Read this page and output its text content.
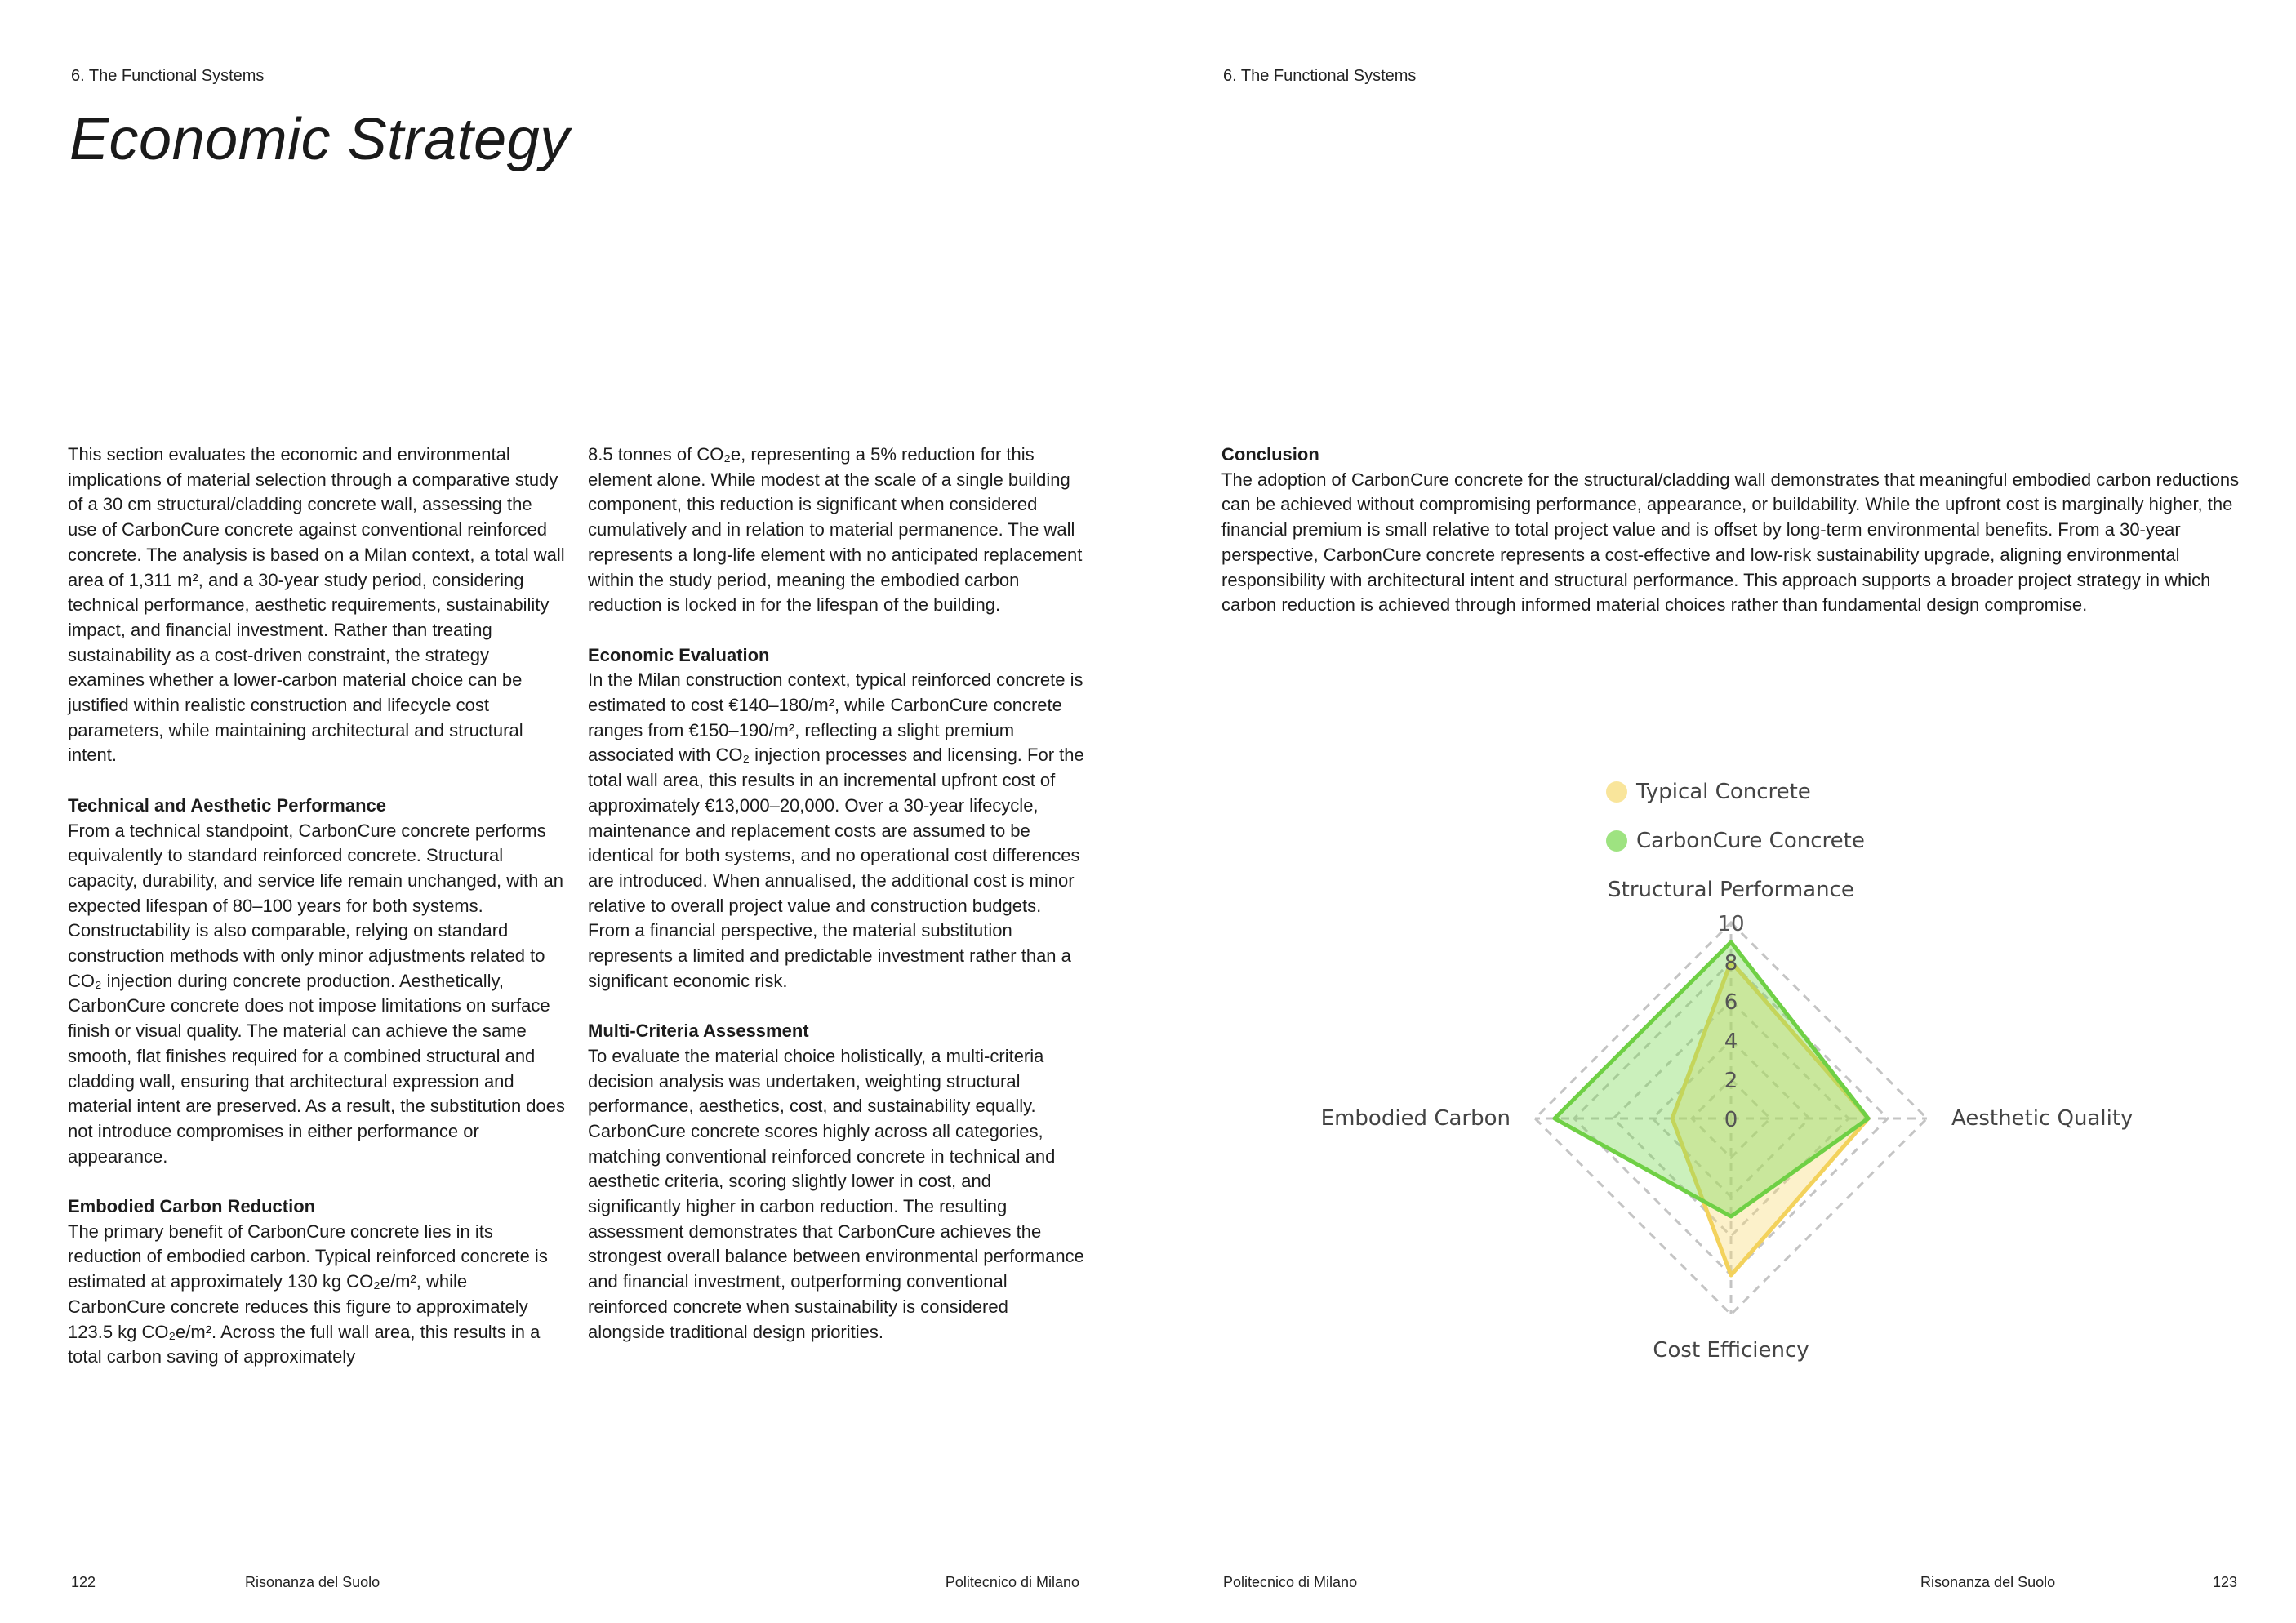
6. The Functional Systems
Economic Strategy

This section evaluates the economic and environmental implications of material selection through a comparative study of a 30 cm structural/cladding concrete wall, assessing the use of CarbonCure concrete against conventional reinforced concrete. The analysis is based on a Milan context, a total wall area of 1,311 m², and a 30-year study period, considering technical performance, aesthetic requirements, sustainability impact, and financial investment. Rather than treating sustainability as a cost-driven constraint, the strategy examines whether a lower-carbon material choice can be justified within realistic construction and lifecycle cost parameters, while maintaining architectural and structural intent.

Technical and Aesthetic Performance

From a technical standpoint, CarbonCure concrete performs equivalently to standard reinforced concrete. Structural capacity, durability, and service life remain unchanged, with an expected lifespan of 80–100 years for both systems. Constructability is also comparable, relying on standard construction methods with only minor adjustments related to CO₂ injection during concrete production. Aesthetically, CarbonCure concrete does not impose limitations on surface finish or visual quality. The material can achieve the same smooth, flat finishes required for a combined structural and cladding wall, ensuring that architectural expression and material intent are preserved. As a result, the substitution does not introduce compromises in either performance or appearance.

Embodied Carbon Reduction

The primary benefit of CarbonCure concrete lies in its reduction of embodied carbon. Typical reinforced concrete is estimated at approximately 130 kg CO₂e/m², while CarbonCure concrete reduces this figure to approximately 123.5 kg CO₂e/m². Across the full wall area, this results in a total carbon saving of approximately

8.5 tonnes of CO₂e, representing a 5% reduction for this element alone. While modest at the scale of a single building component, this reduction is significant when considered cumulatively and in relation to material permanence. The wall represents a long-life element with no anticipated replacement within the study period, meaning the embodied carbon reduction is locked in for the lifespan of the building.

Economic Evaluation

In the Milan construction context, typical reinforced concrete is estimated to cost €140–180/m², while CarbonCure concrete ranges from €150–190/m², reflecting a slight premium associated with CO₂ injection processes and licensing. For the total wall area, this results in an incremental upfront cost of approximately €13,000–20,000. Over a 30-year lifecycle, maintenance and replacement costs are assumed to be identical for both systems, and no operational cost differences are introduced. When annualised, the additional cost is minor relative to overall project value and construction budgets. From a financial perspective, the material substitution represents a limited and predictable investment rather than a significant economic risk.

Multi-Criteria Assessment

To evaluate the material choice holistically, a multi-criteria decision analysis was undertaken, weighting structural performance, aesthetics, cost, and sustainability equally. CarbonCure concrete scores highly across all categories, matching conventional reinforced concrete in technical and aesthetic criteria, scoring slightly lower in cost, and significantly higher in carbon reduction. The resulting assessment demonstrates that CarbonCure achieves the strongest overall balance between environmental performance and financial investment, outperforming conventional reinforced concrete when sustainability is considered alongside traditional design priorities.

122	Risonanza del Suolo	Politecnico di Milano
6. The Functional Systems
Conclusion

The adoption of CarbonCure concrete for the structural/cladding wall demonstrates that meaningful embodied carbon reductions can be achieved without compromising performance, appearance, or buildability. While the upfront cost is marginally higher, the financial premium is small relative to total project value and is offset by long-term environmental benefits. From a 30-year perspective, CarbonCure concrete represents a cost-effective and low-risk sustainability upgrade, aligning environmental responsibility with architectural intent and structural performance. This approach supports a broader project strategy in which carbon reduction is achieved through informed material choices rather than fundamental design compromise.

0
2
4
6
8
10
Structural Performance
Aesthetic Quality
Cost Efficiency
Embodied Carbon
Typical Concrete
CarbonCure Concrete
Politecnico di Milano	Risonanza del Suolo	123
